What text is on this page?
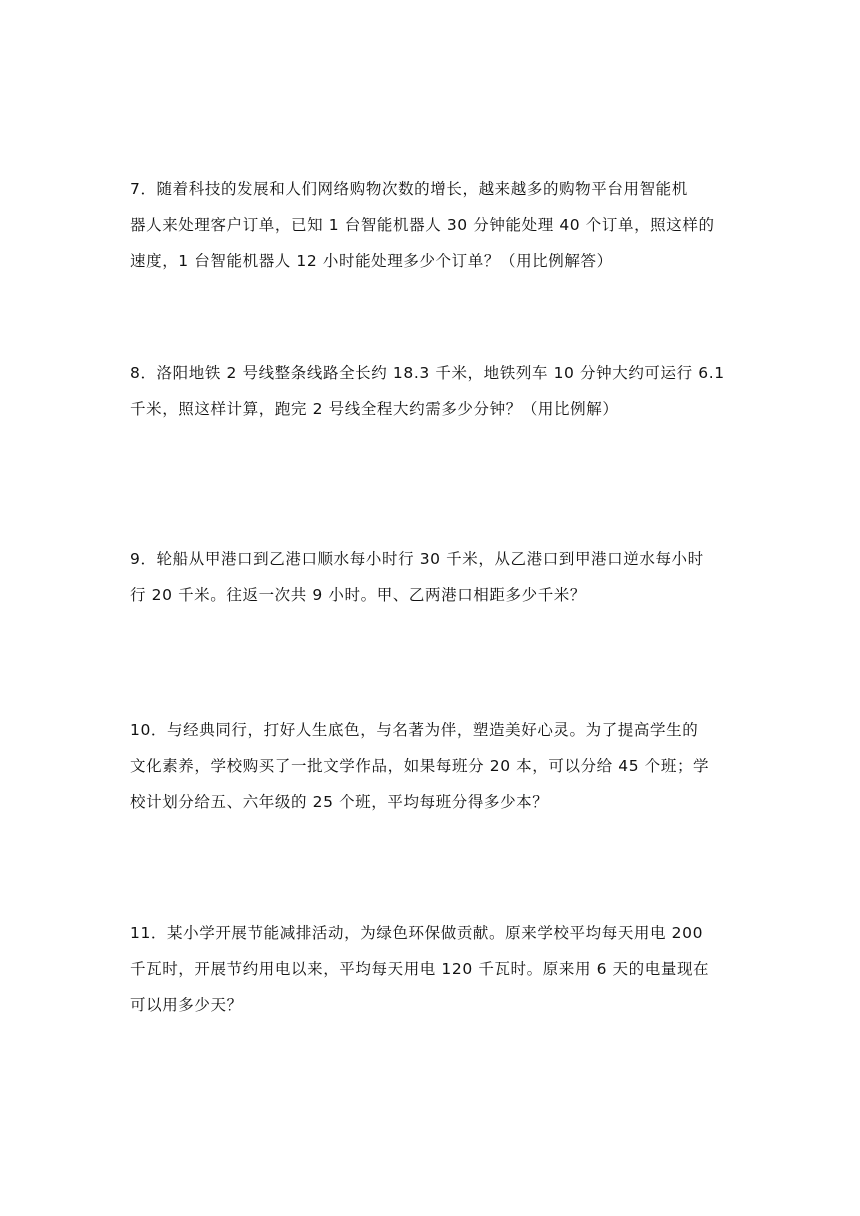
7．随着科技的发展和人们网络购物次数的增长，越来越多的购物平台用智能机
器人来处理客户订单，已知 1 台智能机器人 30 分钟能处理 40 个订单，照这样的
速度，1 台智能机器人 12 小时能处理多少个订单？（用比例解答）
8．洛阳地铁 2 号线整条线路全长约 18.3 千米，地铁列车 10 分钟大约可运行 6.1
千米，照这样计算，跑完 2 号线全程大约需多少分钟？（用比例解）
9．轮船从甲港口到乙港口顺水每小时行 30 千米，从乙港口到甲港口逆水每小时
行 20 千米。往返一次共 9 小时。甲、乙两港口相距多少千米？
10．与经典同行，打好人生底色，与名著为伴，塑造美好心灵。为了提高学生的
文化素养，学校购买了一批文学作品，如果每班分 20 本，可以分给 45 个班；学
校计划分给五、六年级的 25 个班，平均每班分得多少本？
11．某小学开展节能减排活动，为绿色环保做贡献。原来学校平均每天用电 200
千瓦时，开展节约用电以来，平均每天用电 120 千瓦时。原来用 6 天的电量现在
可以用多少天？
